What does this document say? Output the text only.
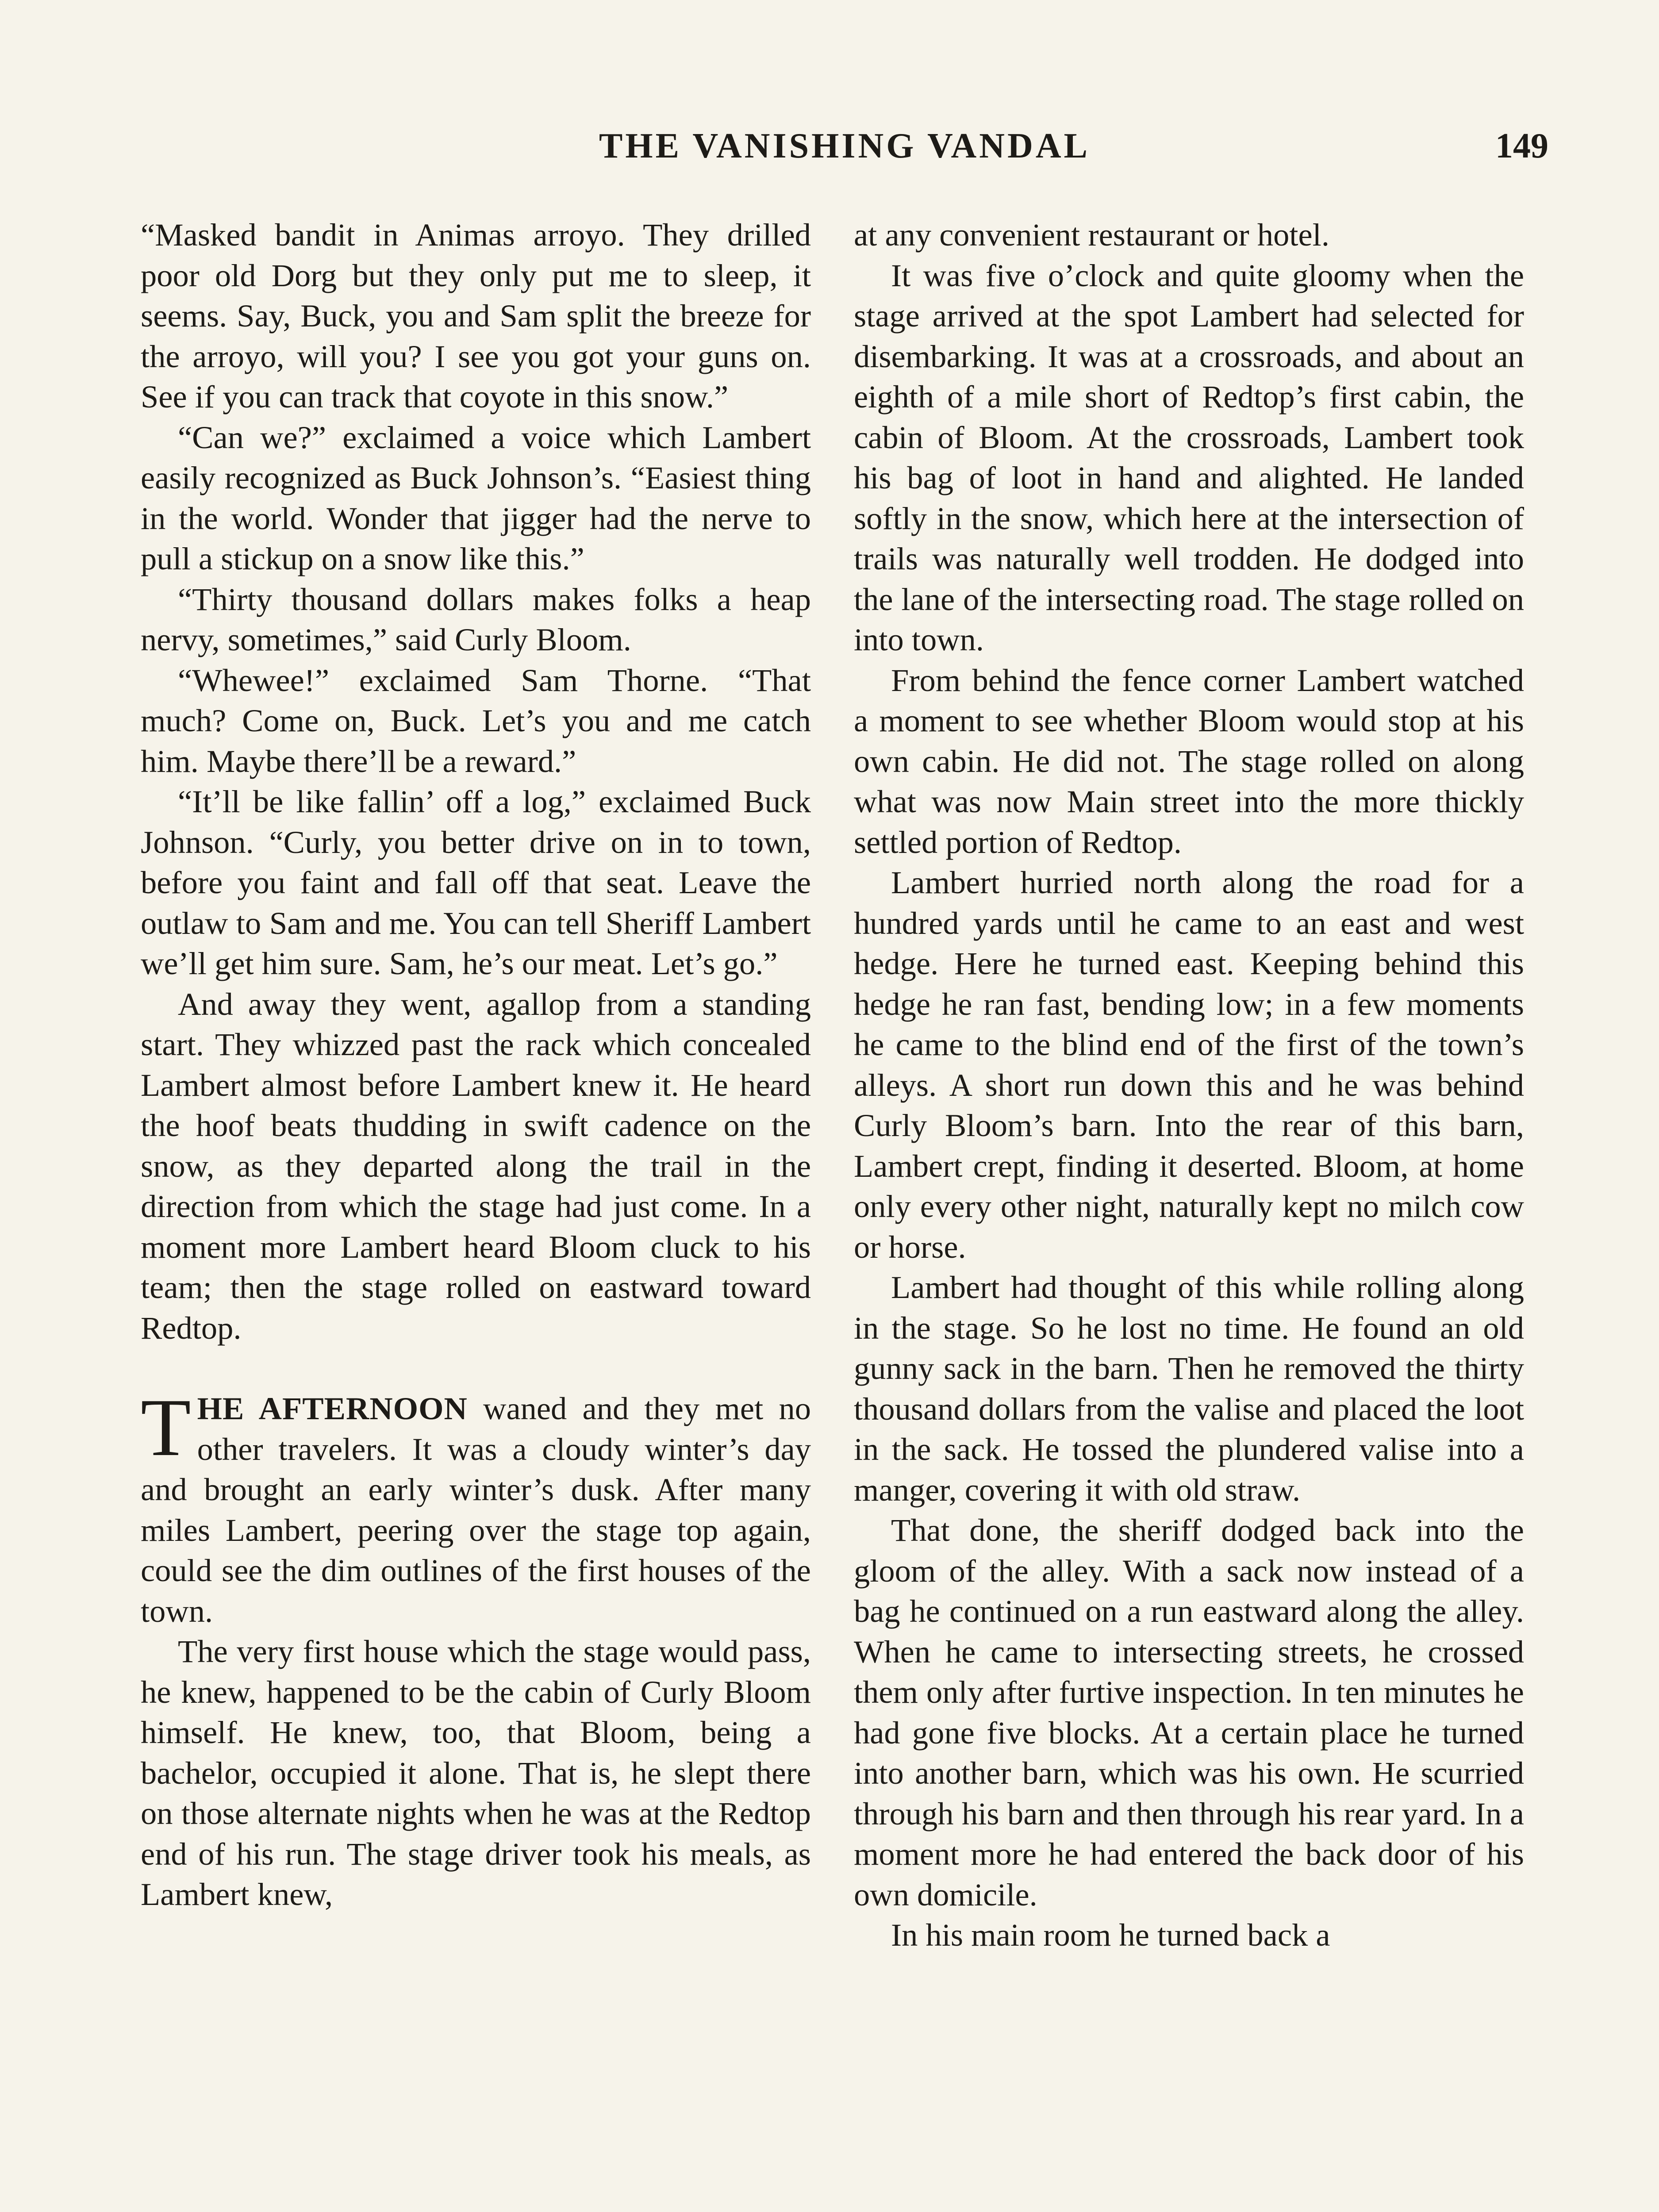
THE VANISHING VANDAL	149

“Masked bandit in Animas arroyo. They drilled poor old Dorg but they only put me to sleep, it seems. Say, Buck, you and Sam split the breeze for the arroyo, will you? I see you got your guns on. See if you can track that coyote in this snow.”

“Can we?” exclaimed a voice which Lambert easily recognized as Buck Johnson’s. “Easiest thing in the world. Wonder that jigger had the nerve to pull a stickup on a snow like this.”

“Thirty thousand dollars makes folks a heap nervy, sometimes,” said Curly Bloom.

“Whewee!” exclaimed Sam Thorne. “That much? Come on, Buck. Let’s you and me catch him. Maybe there’ll be a reward.”

“It’ll be like fallin’ off a log,” exclaimed Buck Johnson. “Curly, you better drive on in to town, before you faint and fall off that seat. Leave the outlaw to Sam and me. You can tell Sheriff Lambert we’ll get him sure. Sam, he’s our meat. Let’s go.”

And away they went, agallop from a standing start. They whizzed past the rack which concealed Lambert almost before Lambert knew it. He heard the hoof beats thudding in swift cadence on the snow, as they departed along the trail in the direction from which the stage had just come. In a moment more Lambert heard Bloom cluck to his team; then the stage rolled on eastward toward Redtop.

THE AFTERNOON waned and they met no other travelers. It was a cloudy winter’s day and brought an early winter’s dusk. After many miles Lambert, peering over the stage top again, could see the dim outlines of the first houses of the town.

The very first house which the stage would pass, he knew, happened to be the cabin of Curly Bloom himself. He knew, too, that Bloom, being a bachelor, occupied it alone. That is, he slept there on those alternate nights when he was at the Redtop end of his run. The stage driver took his meals, as Lambert knew,

at any convenient restaurant or hotel.

It was five o’clock and quite gloomy when the stage arrived at the spot Lambert had selected for disembarking. It was at a crossroads, and about an eighth of a mile short of Redtop’s first cabin, the cabin of Bloom. At the crossroads, Lambert took his bag of loot in hand and alighted. He landed softly in the snow, which here at the intersection of trails was naturally well trodden. He dodged into the lane of the intersecting road. The stage rolled on into town.

From behind the fence corner Lambert watched a moment to see whether Bloom would stop at his own cabin. He did not. The stage rolled on along what was now Main street into the more thickly settled portion of Redtop.

Lambert hurried north along the road for a hundred yards until he came to an east and west hedge. Here he turned east. Keeping behind this hedge he ran fast, bending low; in a few moments he came to the blind end of the first of the town’s alleys. A short run down this and he was behind Curly Bloom’s barn. Into the rear of this barn, Lambert crept, finding it deserted. Bloom, at home only every other night, naturally kept no milch cow or horse.

Lambert had thought of this while rolling along in the stage. So he lost no time. He found an old gunny sack in the barn. Then he removed the thirty thousand dollars from the valise and placed the loot in the sack. He tossed the plundered valise into a manger, covering it with old straw.

That done, the sheriff dodged back into the gloom of the alley. With a sack now instead of a bag he continued on a run eastward along the alley. When he came to intersecting streets, he crossed them only after furtive inspection. In ten minutes he had gone five blocks. At a certain place he turned into another barn, which was his own. He scurried through his barn and then through his rear yard. In a moment more he had entered the back door of his own domicile.

In his main room he turned back a
